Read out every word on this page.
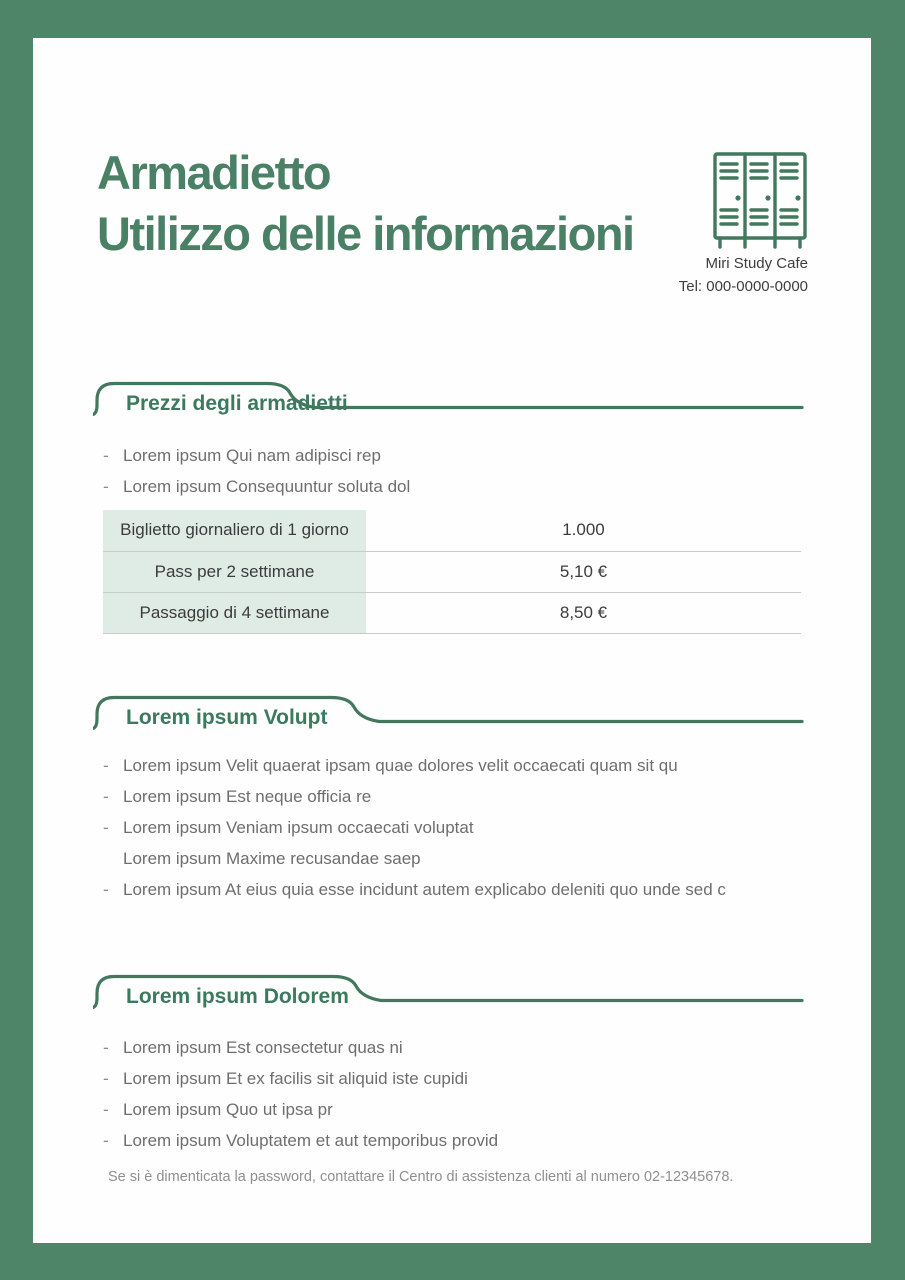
Armadietto
Utilizzo delle informazioni
Miri Study Cafe
Tel: 000-0000-0000
Prezzi degli armadietti
- Lorem ipsum Qui nam adipisci rep
- Lorem ipsum Consequuntur soluta dol
Biglietto giornaliero di 1 giorno	1.000
Pass per 2 settimane	5,10 €
Passaggio di 4 settimane	8,50 €
Lorem ipsum Volupt
- Lorem ipsum Velit quaerat ipsam quae dolores velit occaecati quam sit qu
- Lorem ipsum Est neque officia re
- Lorem ipsum Veniam ipsum occaecati voluptat
Lorem ipsum Maxime recusandae saep
- Lorem ipsum At eius quia esse incidunt autem explicabo deleniti quo unde sed c
Lorem ipsum Dolorem
- Lorem ipsum Est consectetur quas ni
- Lorem ipsum Et ex facilis sit aliquid iste cupidi
- Lorem ipsum Quo ut ipsa pr
- Lorem ipsum Voluptatem et aut temporibus provid
Se si è dimenticata la password, contattare il Centro di assistenza clienti al numero 02-12345678.
